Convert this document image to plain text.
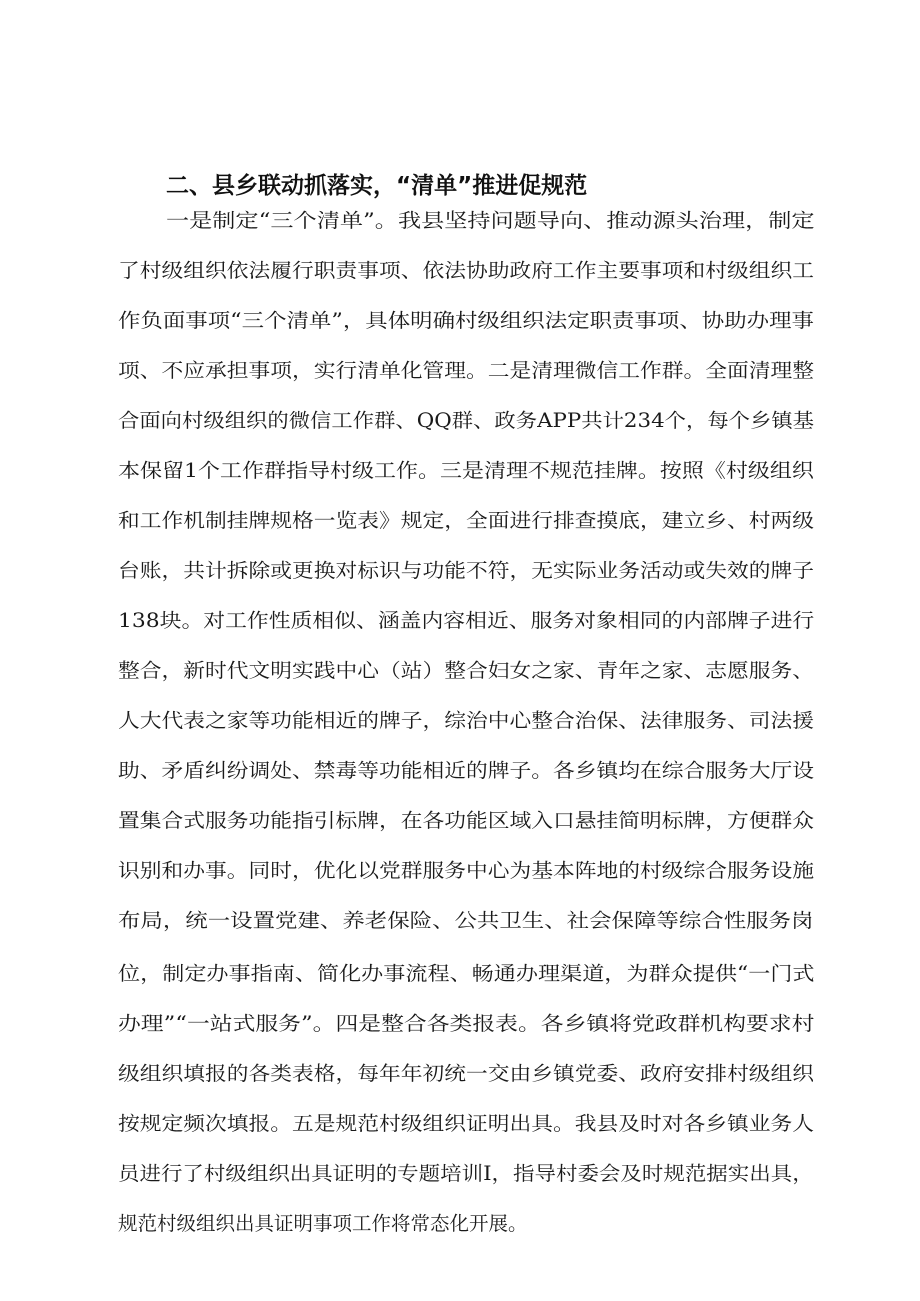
二、县乡联动抓落实，“清单”推进促规范
一是制定“三个清单”。我县坚持问题导向、推动源头治理，制定
了村级组织依法履行职责事项、依法协助政府工作主要事项和村级组织工
作负面事项“三个清单”，具体明确村级组织法定职责事项、协助办理事
项、不应承担事项，实行清单化管理。二是清理微信工作群。全面清理整
合面向村级组织的微信工作群、QQ群、政务APP共计234个，每个乡镇基
本保留1个工作群指导村级工作。三是清理不规范挂牌。按照《村级组织
和工作机制挂牌规格一览表》规定，全面进行排查摸底，建立乡、村两级
台账，共计拆除或更换对标识与功能不符，无实际业务活动或失效的牌子
138块。对工作性质相似、涵盖内容相近、服务对象相同的内部牌子进行
整合，新时代文明实践中心（站）整合妇女之家、青年之家、志愿服务、
人大代表之家等功能相近的牌子，综治中心整合治保、法律服务、司法援
助、矛盾纠纷调处、禁毒等功能相近的牌子。各乡镇均在综合服务大厅设
置集合式服务功能指引标牌，在各功能区域入口悬挂简明标牌，方便群众
识别和办事。同时，优化以党群服务中心为基本阵地的村级综合服务设施
布局，统一设置党建、养老保险、公共卫生、社会保障等综合性服务岗
位，制定办事指南、简化办事流程、畅通办理渠道，为群众提供“一门式
办理”“一站式服务”。四是整合各类报表。各乡镇将党政群机构要求村
级组织填报的各类表格，每年年初统一交由乡镇党委、政府安排村级组织
按规定频次填报。五是规范村级组织证明出具。我县及时对各乡镇业务人
员进行了村级组织出具证明的专题培训I，指导村委会及时规范据实出具，
规范村级组织出具证明事项工作将常态化开展。
